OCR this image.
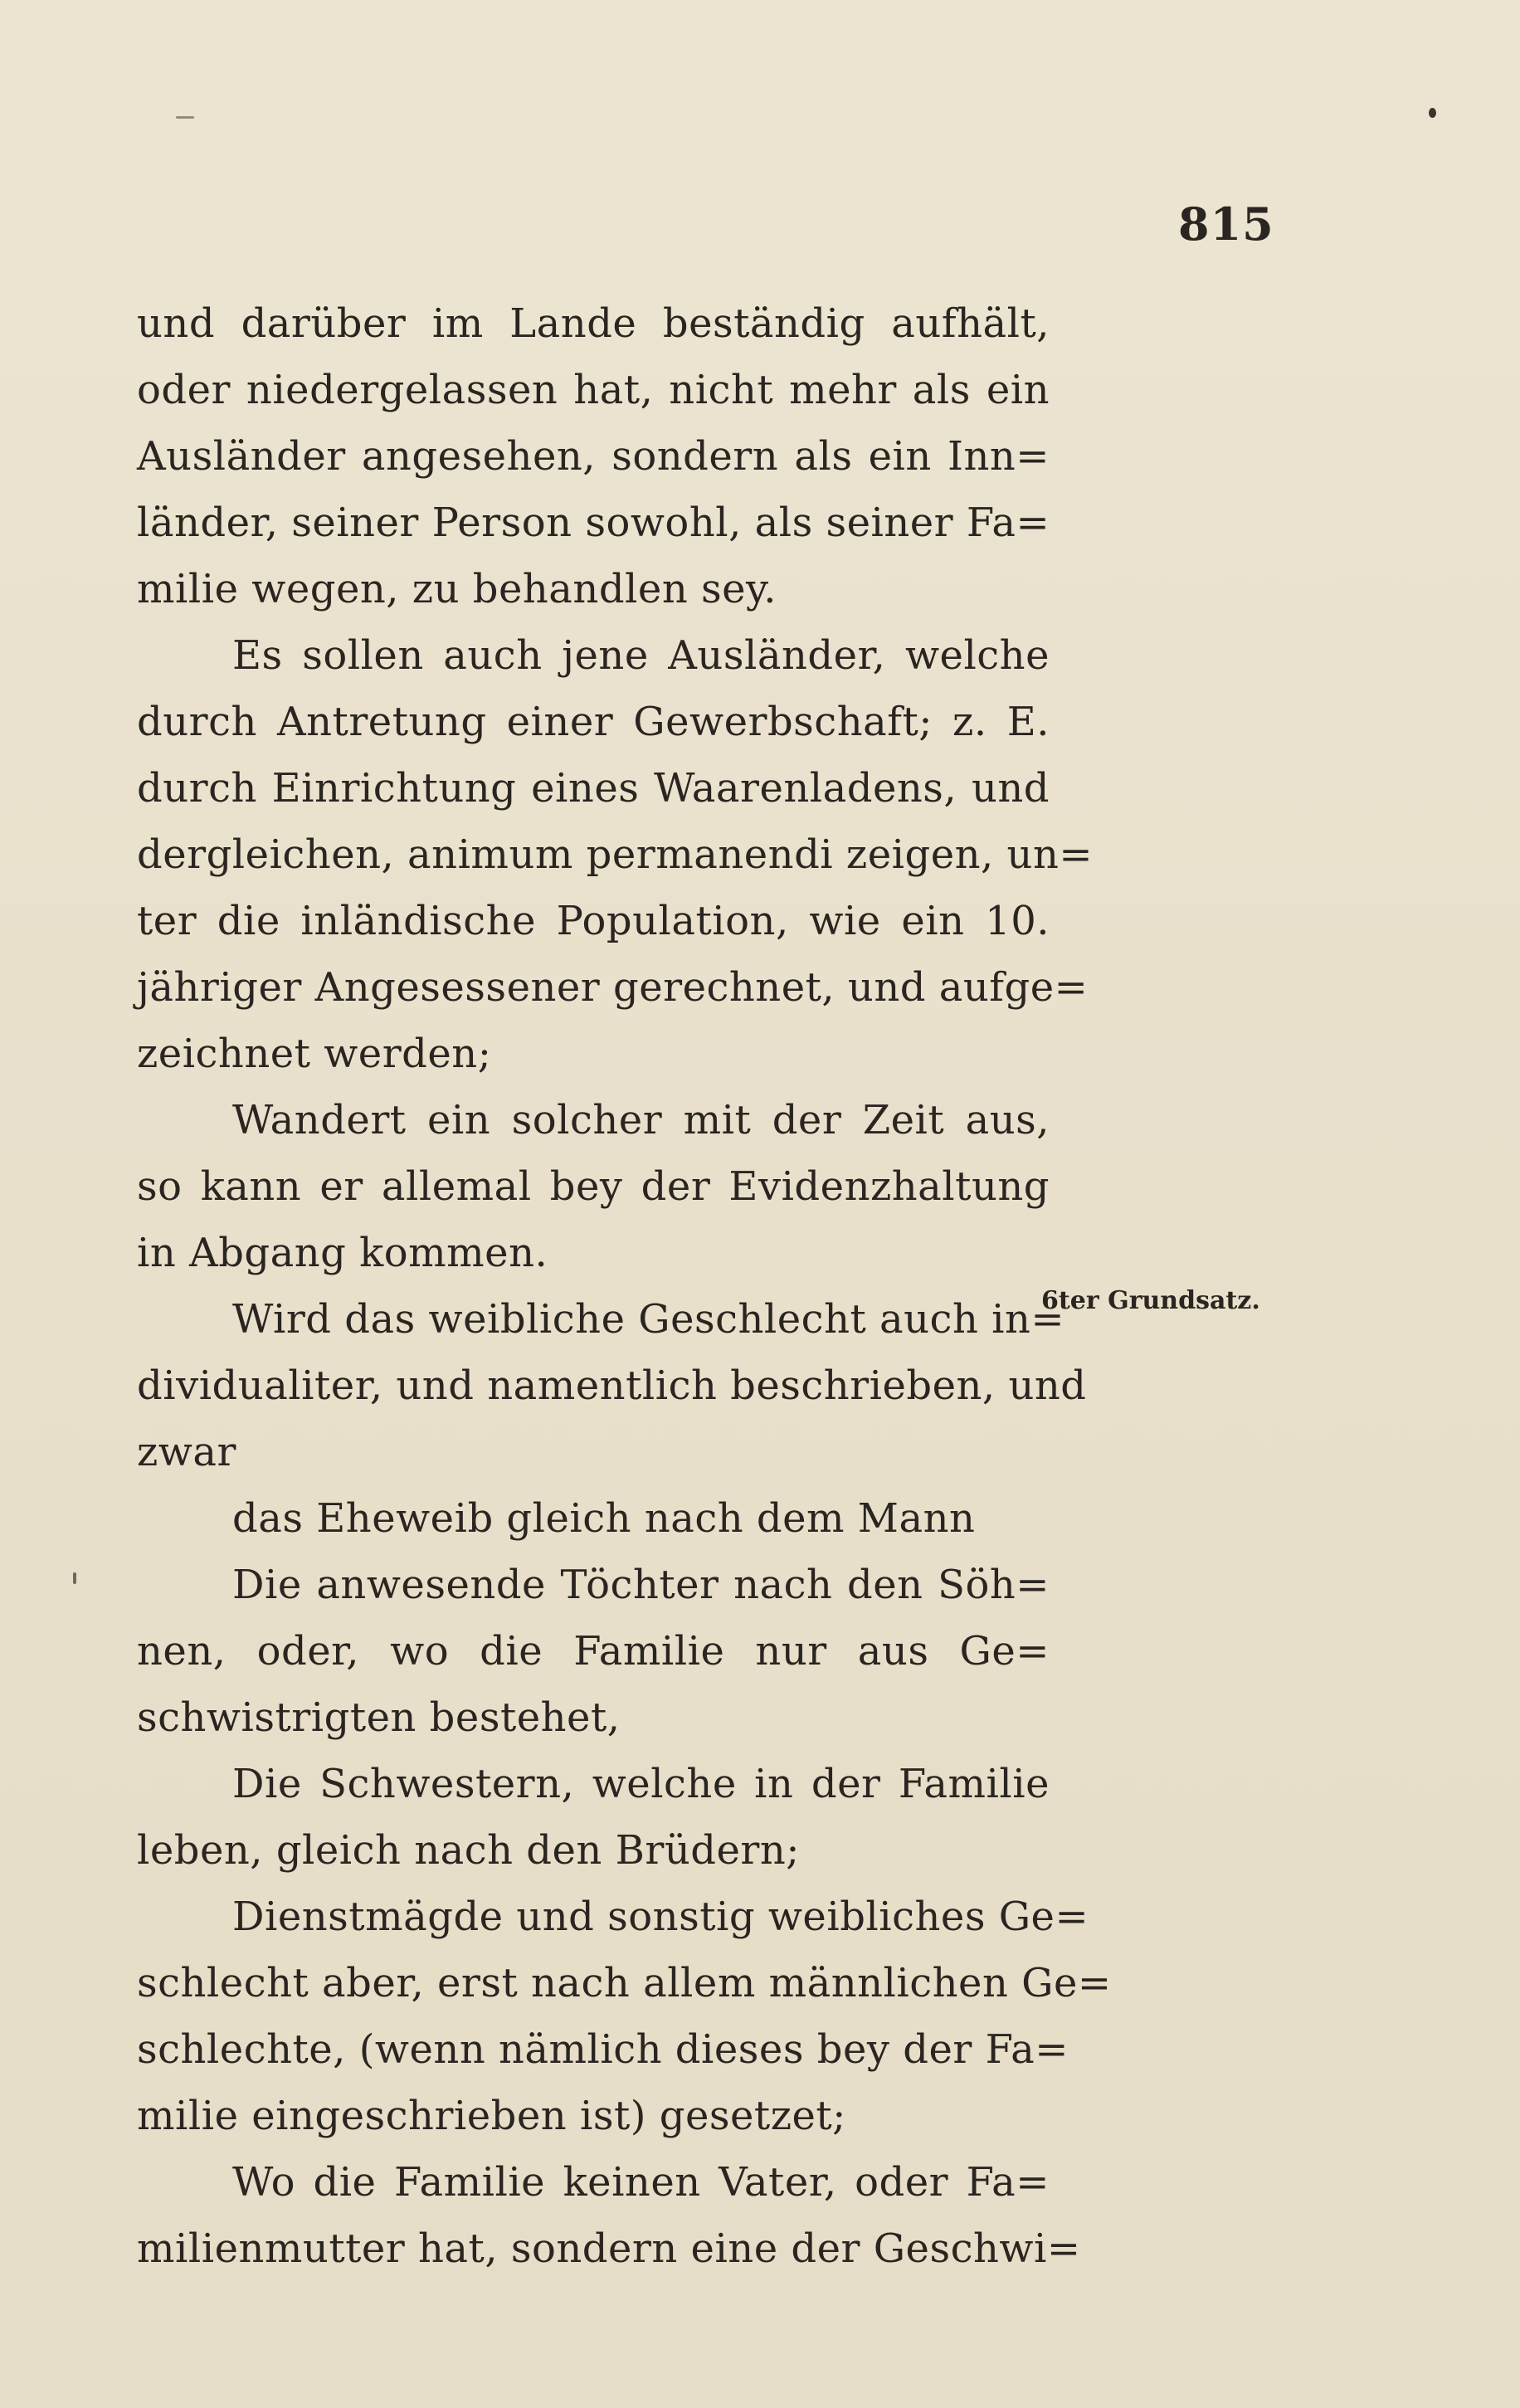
815
und darüber im Lande beständig aufhält,
oder niedergelassen hat, nicht mehr als ein
Ausländer angesehen, sondern als ein Inn=
länder, seiner Person sowohl, als seiner Fa=
milie wegen, zu behandlen sey.
Es sollen auch jene Ausländer, welche
durch Antretung einer Gewerbschaft; z. E.
durch Einrichtung eines Waarenladens, und
dergleichen, animum permanendi zeigen, un=
ter die inländische Population, wie ein 10.
jähriger Angesessener gerechnet, und aufge=
zeichnet werden;
Wandert ein solcher mit der Zeit aus,
so kann er allemal bey der Evidenzhaltung
in Abgang kommen.
Wird das weibliche Geschlecht auch in=
dividualiter, und namentlich beschrieben, und
zwar
das Eheweib gleich nach dem Mann
Die anwesende Töchter nach den Söh=
nen, oder, wo die Familie nur aus Ge=
schwistrigten bestehet,
Die Schwestern, welche in der Familie
leben, gleich nach den Brüdern;
Dienstmägde und sonstig weibliches Ge=
schlecht aber, erst nach allem männlichen Ge=
schlechte, (wenn nämlich dieses bey der Fa=
milie eingeschrieben ist) gesetzet;
Wo die Familie keinen Vater, oder Fa=
milienmutter hat, sondern eine der Geschwi=
6ter Grundsatz.
